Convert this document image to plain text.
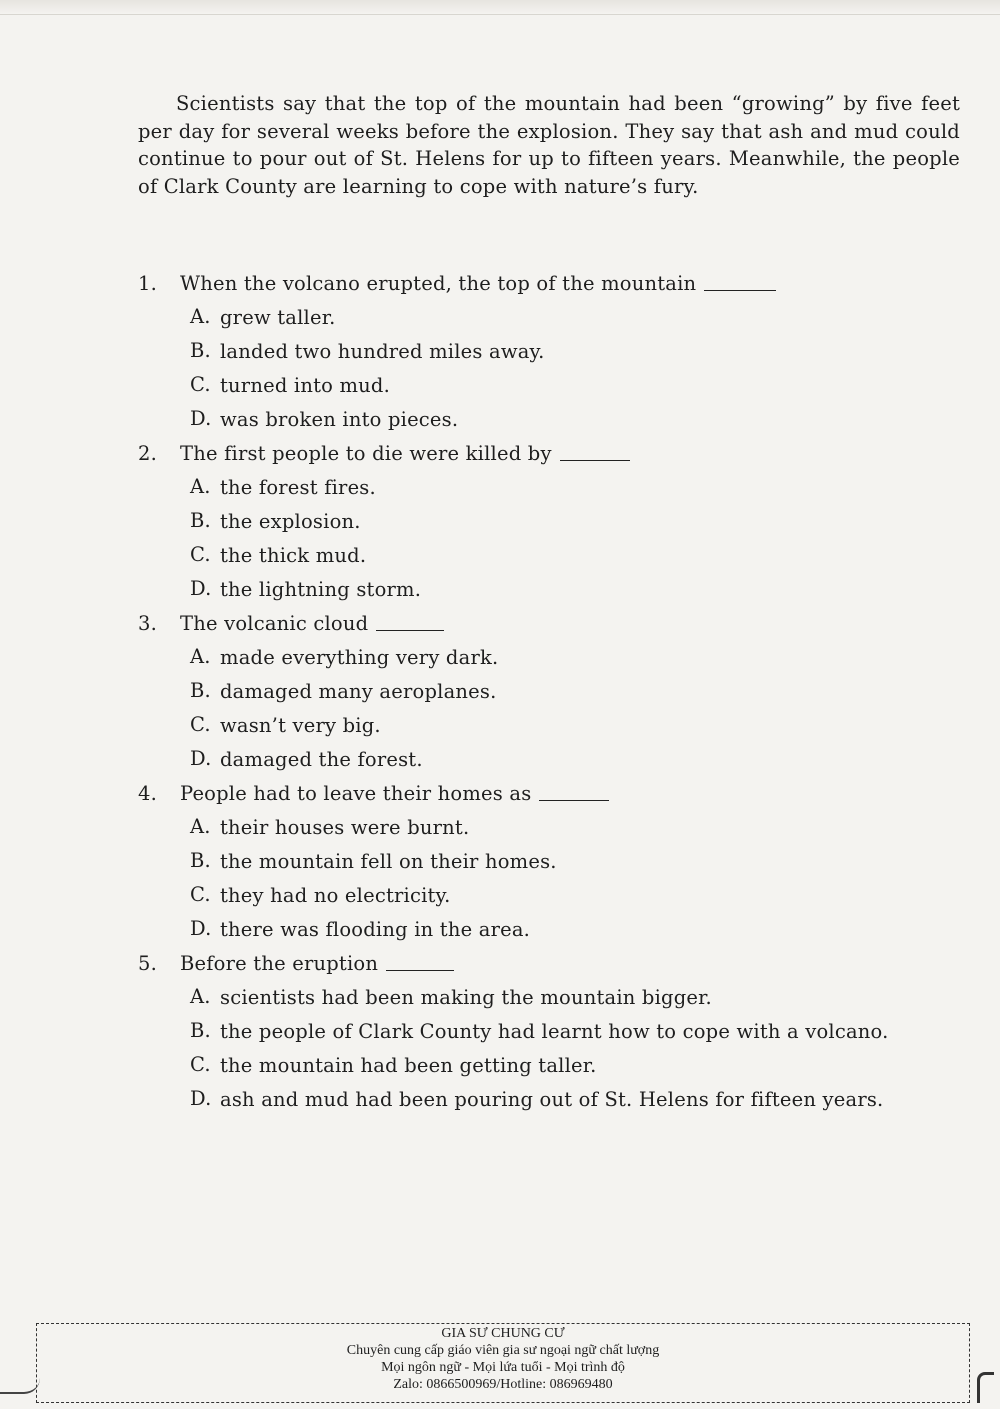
Scientists say that the top of the mountain had been “growing” by five feet per day for several weeks before the explosion. They say that ash and mud could continue to pour out of St. Helens for up to fifteen years. Meanwhile, the people of Clark County are learning to cope with nature’s fury.

1.	When the volcano erupted, the top of the mountain
A. grew taller.
B. landed two hundred miles away.
C. turned into mud.
D. was broken into pieces.
2.	The first people to die were killed by
A. the forest fires.
B. the explosion.
C. the thick mud.
D. the lightning storm.
3.	The volcanic cloud
A. made everything very dark.
B. damaged many aeroplanes.
C. wasn’t very big.
D. damaged the forest.
4.	People had to leave their homes as
A. their houses were burnt.
B. the mountain fell on their homes.
C. they had no electricity.
D. there was flooding in the area.
5.	Before the eruption
A. scientists had been making the mountain bigger.
B. the people of Clark County had learnt how to cope with a volcano.
C. the mountain had been getting taller.
D. ash and mud had been pouring out of St. Helens for fifteen years.
GIA SƯ CHUNG CƯ
Chuyên cung cấp giáo viên gia sư ngoại ngữ chất lượng
Mọi ngôn ngữ - Mọi lứa tuổi - Mọi trình độ
Zalo: 0866500969/Hotline: 086969480
